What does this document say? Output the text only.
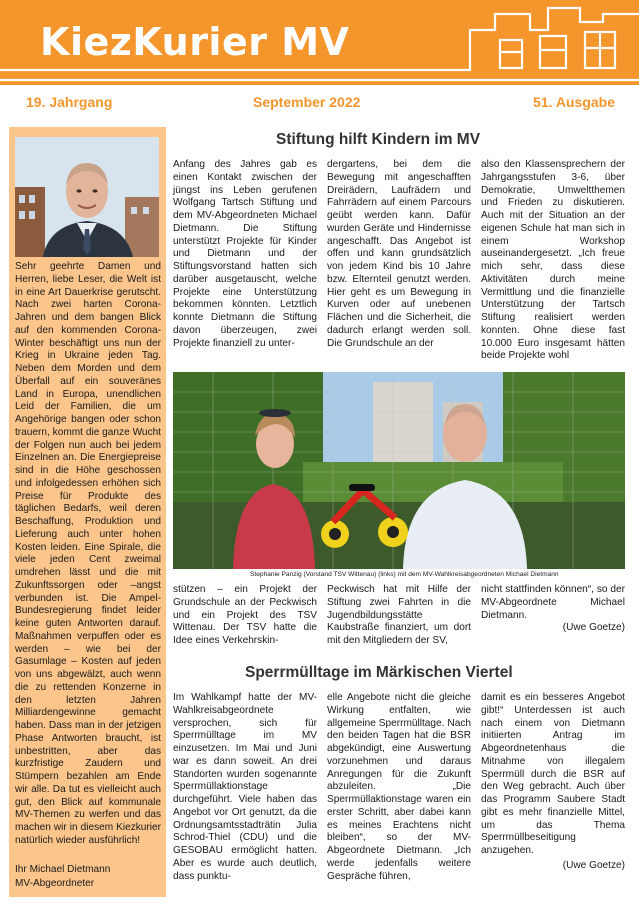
KiezKurier MV
19. Jahrgang	September 2022	51. Ausgabe
Sehr geehrte Damen und Herren, liebe Leser, die Welt ist in eine Art Dauerkrise gerutscht. Nach zwei harten Corona-Jahren und dem bangen Blick auf den kommenden Corona-Winter beschäftigt uns nun der Krieg in Ukraine jeden Tag. Neben dem Morden und dem Überfall auf ein souveränes Land in Europa, unendlichen Leid der Familien, die um Angehörige bangen oder schon trauern, kommt die ganze Wucht der Folgen nun auch bei jedem Einzelnen an. Die Energiepreise sind in die Höhe geschossen und infolgedessen erhöhen sich Preise für Produkte des täglichen Bedarfs, weil deren Beschaffung, Produktion und Lieferung auch unter hohen Kosten leiden. Eine Spirale, die viele jeden Cent zweimal umdrehen lässt und die mit Zukunftssorgen oder –angst verbunden ist. Die Ampel-Bundesregierung findet leider keine guten Antworten darauf. Maßnahmen verpuffen oder es werden – wie bei der Gasumlage – Kosten auf jeden von uns abgewälzt, auch wenn die zu rettenden Konzerne in den letzten Jahren Milliardengewinne gemacht haben. Dass man in der jetzigen Phase Antworten braucht, ist unbestritten, aber das kurzfristige Zaudern und Stümpern bezahlen am Ende wir alle. Da tut es vielleicht auch gut, den Blick auf kommunale MV-Themen zu werfen und das machen wir in diesem Kiezkurier natürlich wieder ausführlich!
Ihr Michael Dietmann
MV-Abgeordneter
Stiftung hilft Kindern im MV
Anfang des Jahres gab es einen Kontakt zwischen der jüngst ins Leben gerufenen Wolfgang Tartsch Stiftung und dem MV-Abgeordneten Michael Dietmann. Die Stiftung unterstützt Projekte für Kinder und Dietmann und der Stiftungsvorstand hatten sich darüber ausgetauscht, welche Projekte eine Unterstützung bekommen könnten. Letztlich konnte Dietmann die Stiftung davon überzeugen, zwei Projekte finanziell zu unter-
dergartens, bei dem die Bewegung mit angeschafften Dreirädern, Laufrädern und Fahrrädern auf einem Parcours geübt werden kann. Dafür wurden Geräte und Hindernisse angeschafft. Das Angebot ist offen und kann grundsätzlich von jedem Kind bis 10 Jahre bzw. Elternteil genutzt werden. Hier geht es um Bewegung in Kurven oder auf unebenen Flächen und die Sicherheit, die dadurch erlangt werden soll. Die Grundschule an der
also den Klassensprechern der Jahrgangsstufen 3-6, über Demokratie, Umweltthemen und Frieden zu diskutieren. Auch mit der Situation an der eigenen Schule hat man sich in einem Workshop auseinandergesetzt. „Ich freue mich sehr, dass diese Aktivitäten durch meine Vermittlung und die finanzielle Unterstützung der Tartsch Stiftung realisiert werden konnten. Ohne diese fast 10.000 Euro insgesamt hätten beide Projekte wohl
Stephanie Panzig (Vorstand TSV Wittenau) (links) mit dem MV-Wahlkreisabgeordneten Michael Dietmann
stützen – ein Projekt der Grundschule an der Peckwisch und ein Projekt des TSV Wittenau. Der TSV hatte die Idee eines Verkehrskin-
Peckwisch hat mit Hilfe der Stiftung zwei Fahrten in die Jugendbildungsstätte Kaubstraße finanziert, um dort mit den Mitgliedern der SV,
nicht stattfinden können“, so der MV-Abgeordnete Michael Dietmann.
(Uwe Goetze)
Sperrmülltage im Märkischen Viertel
Im Wahlkampf hatte der MV-Wahlkreisabgeordnete versprochen, sich für Sperrmülltage im MV einzusetzen. Im Mai und Juni war es dann soweit. An drei Standorten wurden sogenannte Sperrmüllaktionstage durchgeführt. Viele haben das Angebot vor Ort genutzt, da die Ordnungsamtsstadträtin Julia Schrod-Thiel (CDU) und die GESOBAU ermöglicht hatten. Aber es wurde auch deutlich, dass punktu-
elle Angebote nicht die gleiche Wirkung entfalten, wie allgemeine Sperrmülltage. Nach den beiden Tagen hat die BSR abgekündigt, eine Auswertung vorzunehmen und daraus Anregungen für die Zukunft abzuleiten. „Die Sperrmüllaktionstage waren ein erster Schritt, aber dabei kann es meines Erachtens nicht bleiben“, so der MV-Abgeordnete Dietmann. „Ich werde jedenfalls weitere Gespräche führen,
damit es ein besseres Angebot gibt!“ Unterdessen ist auch nach einem von Dietmann initiierten Antrag im Abgeordnetenhaus die Mitnahme von illegalem Sperrmüll durch die BSR auf den Weg gebracht. Auch über das Programm Saubere Stadt gibt es mehr finanzielle Mittel, um das Thema Sperrmüllbeseitigung anzugehen.
(Uwe Goetze)
